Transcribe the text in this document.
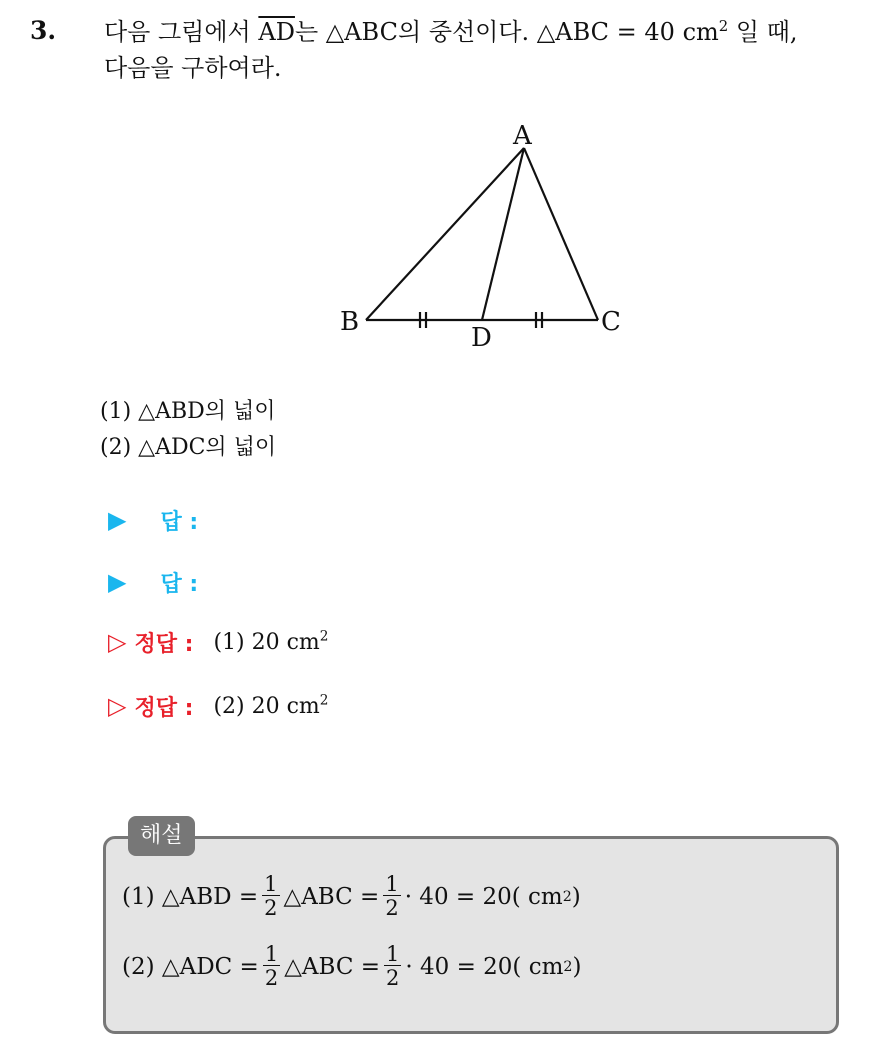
3. 다음 그림에서 $\overline{AD}$는 △ABC의 중선이다. △ABC = 40 $cm^2$ 일 때,
다음을 구하여라.
A
B	C
D
(1) △ABD의 넓이
(2) △ADC의 넓이
▶ 답 :
▶ 답 :
▷ 정답 : (1) 20 $cm^2$
▷ 정답 : (2) 20 $cm^2$
해설
(1) △ABD = $\frac{1}{2}$ △ABC = $\frac{1}{2} \cdot 40 = 20$( cm 2 )
(2) △ADC = $\frac{1}{2}$ △ABC = $\frac{1}{2} \cdot 40 = 20$( cm 2 )
